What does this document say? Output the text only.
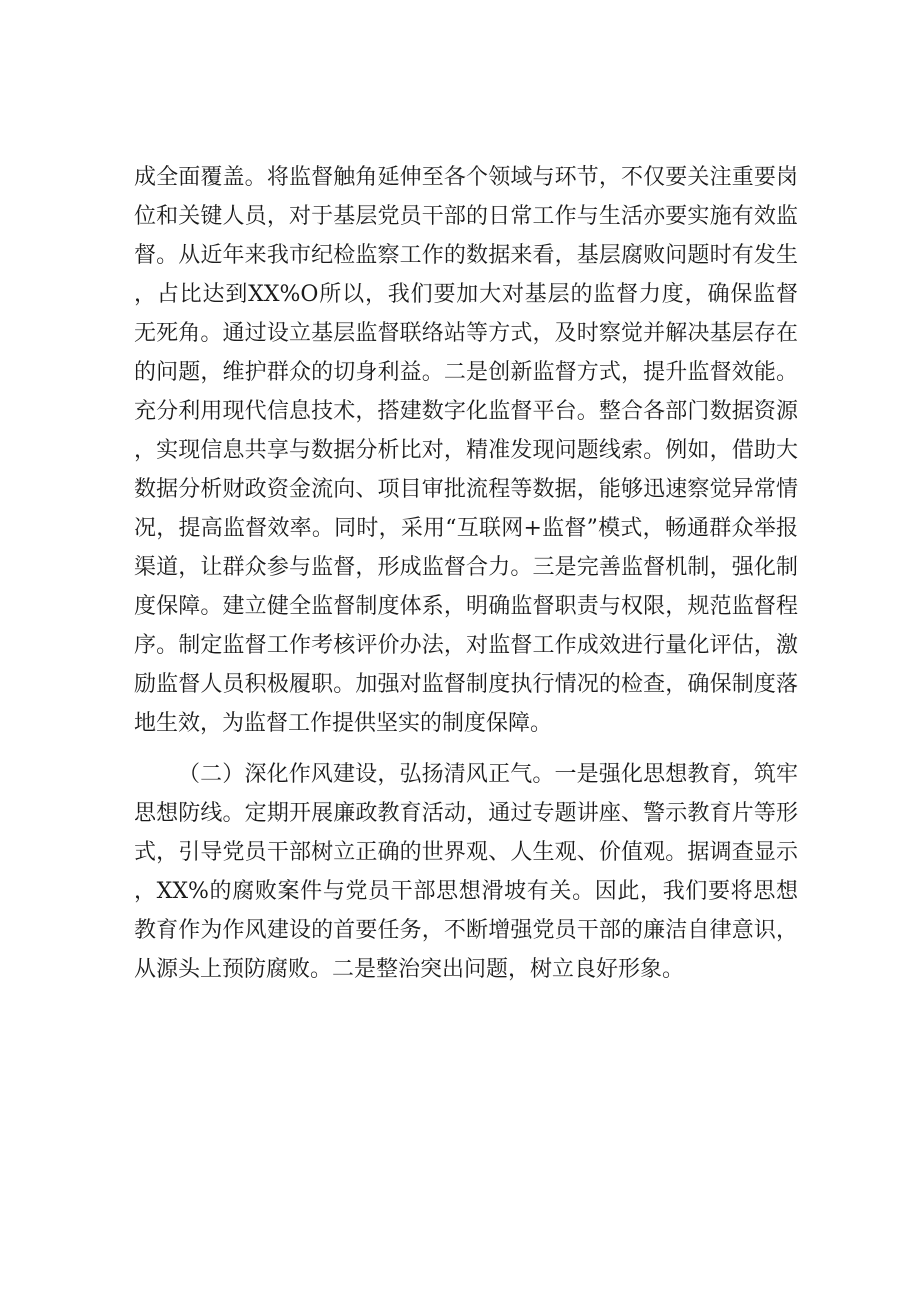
成全面覆盖。将监督触角延伸至各个领域与环节，不仅要关注重要岗位和关键人员，对于基层党员干部的日常工作与生活亦要实施有效监督。从近年来我市纪检监察工作的数据来看，基层腐败问题时有发生，占比达到XX%O所以，我们要加大对基层的监督力度，确保监督无死角。通过设立基层监督联络站等方式，及时察觉并解决基层存在的问题，维护群众的切身利益。二是创新监督方式，提升监督效能。充分利用现代信息技术，搭建数字化监督平台。整合各部门数据资源，实现信息共享与数据分析比对，精准发现问题线索。例如，借助大数据分析财政资金流向、项目审批流程等数据，能够迅速察觉异常情况，提高监督效率。同时，采用“互联网+监督”模式，畅通群众举报渠道，让群众参与监督，形成监督合力。三是完善监督机制，强化制度保障。建立健全监督制度体系，明确监督职责与权限，规范监督程序。制定监督工作考核评价办法，对监督工作成效进行量化评估，激励监督人员积极履职。加强对监督制度执行情况的检查，确保制度落地生效，为监督工作提供坚实的制度保障。

（二）深化作风建设，弘扬清风正气。一是强化思想教育，筑牢思想防线。定期开展廉政教育活动，通过专题讲座、警示教育片等形式，引导党员干部树立正确的世界观、人生观、价值观。据调查显示，XX%的腐败案件与党员干部思想滑坡有关。因此，我们要将思想教育作为作风建设的首要任务，不断增强党员干部的廉洁自律意识，从源头上预防腐败。二是整治突出问题，树立良好形象。
